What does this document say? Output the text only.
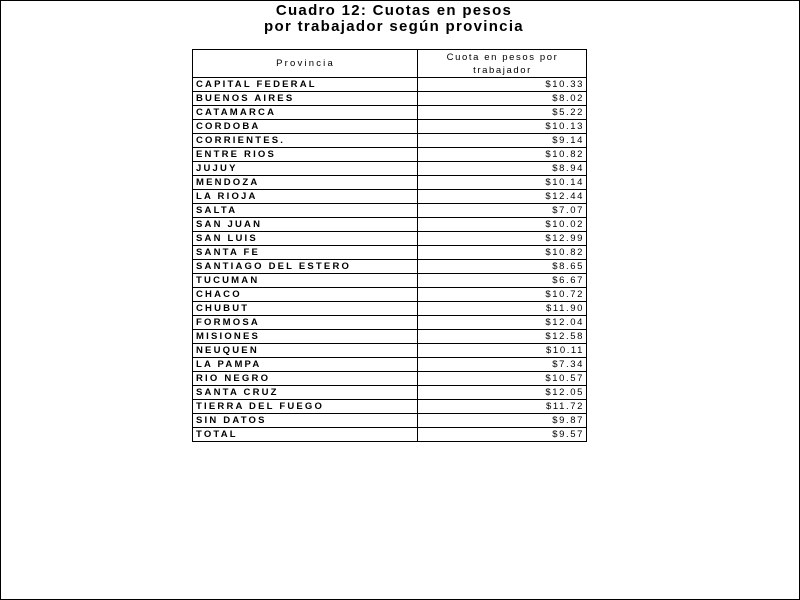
Cuadro 12: Cuotas en pesos
por trabajador según provincia
Provincia	Cuota en pesos por
trabajador
CAPITAL FEDERAL	$10.33
BUENOS AIRES	$8.02
CATAMARCA	$5.22
CORDOBA	$10.13
CORRIENTES.	$9.14
ENTRE RIOS	$10.82
JUJUY	$8.94
MENDOZA	$10.14
LA RIOJA	$12.44
SALTA	$7.07
SAN JUAN	$10.02
SAN LUIS	$12.99
SANTA FE	$10.82
SANTIAGO DEL ESTERO	$8.65
TUCUMAN	$6.67
CHACO	$10.72
CHUBUT	$11.90
FORMOSA	$12.04
MISIONES	$12.58
NEUQUEN	$10.11
LA PAMPA	$7.34
RIO NEGRO	$10.57
SANTA CRUZ	$12.05
TIERRA DEL FUEGO	$11.72
SIN DATOS	$9.87
TOTAL	$9.57
